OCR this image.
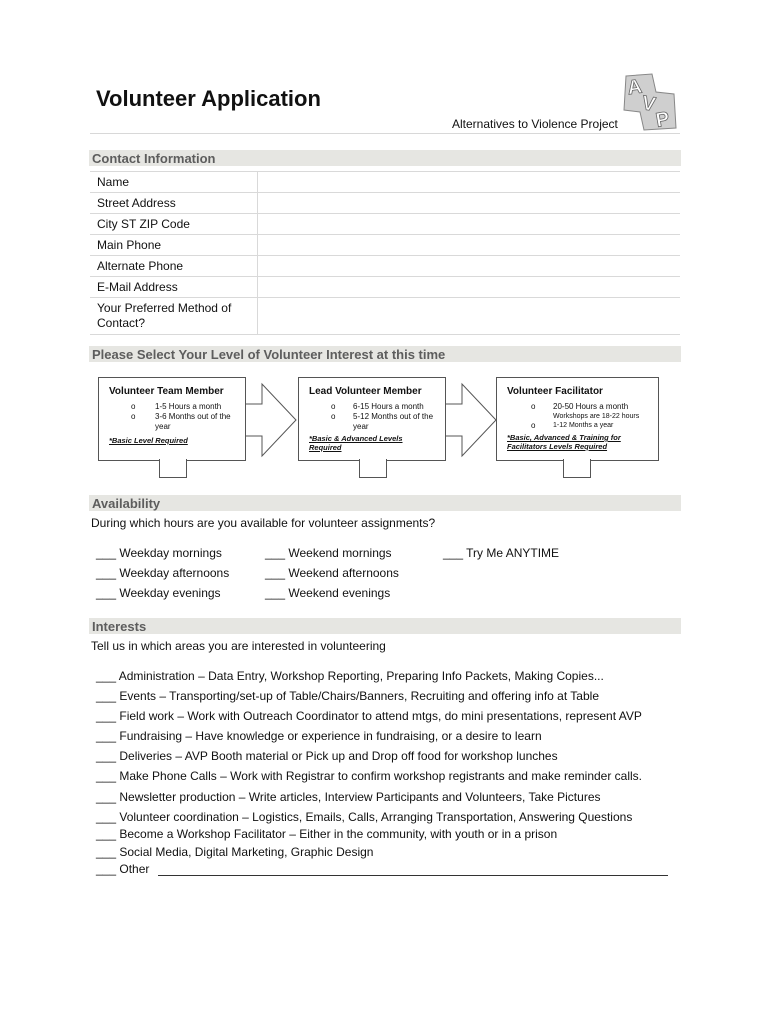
Volunteer Application
Alternatives to Violence Project
A
V
P
Contact Information
Name	
Street Address	
City ST ZIP Code	
Main Phone	
Alternate Phone	
E-Mail Address	
Your Preferred Method of Contact?	
Please Select Your Level of Volunteer Interest at this time
Volunteer Team Member
o 1-5 Hours a month
o 3-6 Months out of the year
*Basic Level Required
Lead Volunteer Member
o 6-15 Hours a month
o 5-12 Months out of the year
*Basic & Advanced Levels Required
Volunteer Facilitator
o 20-50 Hours a month
Workshops are 18-22 hours
o	1-12 Months a year
*Basic, Advanced & Training for Facilitators Levels Required
Availability
During which hours are you available for volunteer assignments?
___ Weekday mornings
___ Weekday afternoons
___ Weekday evenings
___ Weekend mornings
___ Weekend afternoons
___ Weekend evenings
___ Try Me ANYTIME
Interests
Tell us in which areas you are interested in volunteering
___ Administration – Data Entry, Workshop Reporting, Preparing Info Packets, Making Copies...
___ Events – Transporting/set-up of Table/Chairs/Banners, Recruiting and offering info at Table
___ Field work – Work with Outreach Coordinator to attend mtgs, do mini presentations, represent AVP
___ Fundraising – Have knowledge or experience in fundraising, or a desire to learn
___ Deliveries – AVP Booth material or Pick up and Drop off food for workshop lunches
___ Make Phone Calls – Work with Registrar to confirm workshop registrants and make reminder calls.
___ Newsletter production – Write articles, Interview Participants and Volunteers, Take Pictures
___ Volunteer coordination – Logistics, Emails, Calls, Arranging Transportation, Answering Questions
___ Become a Workshop Facilitator – Either in the community, with youth or in a prison
___ Social Media, Digital Marketing, Graphic Design
___ Other
